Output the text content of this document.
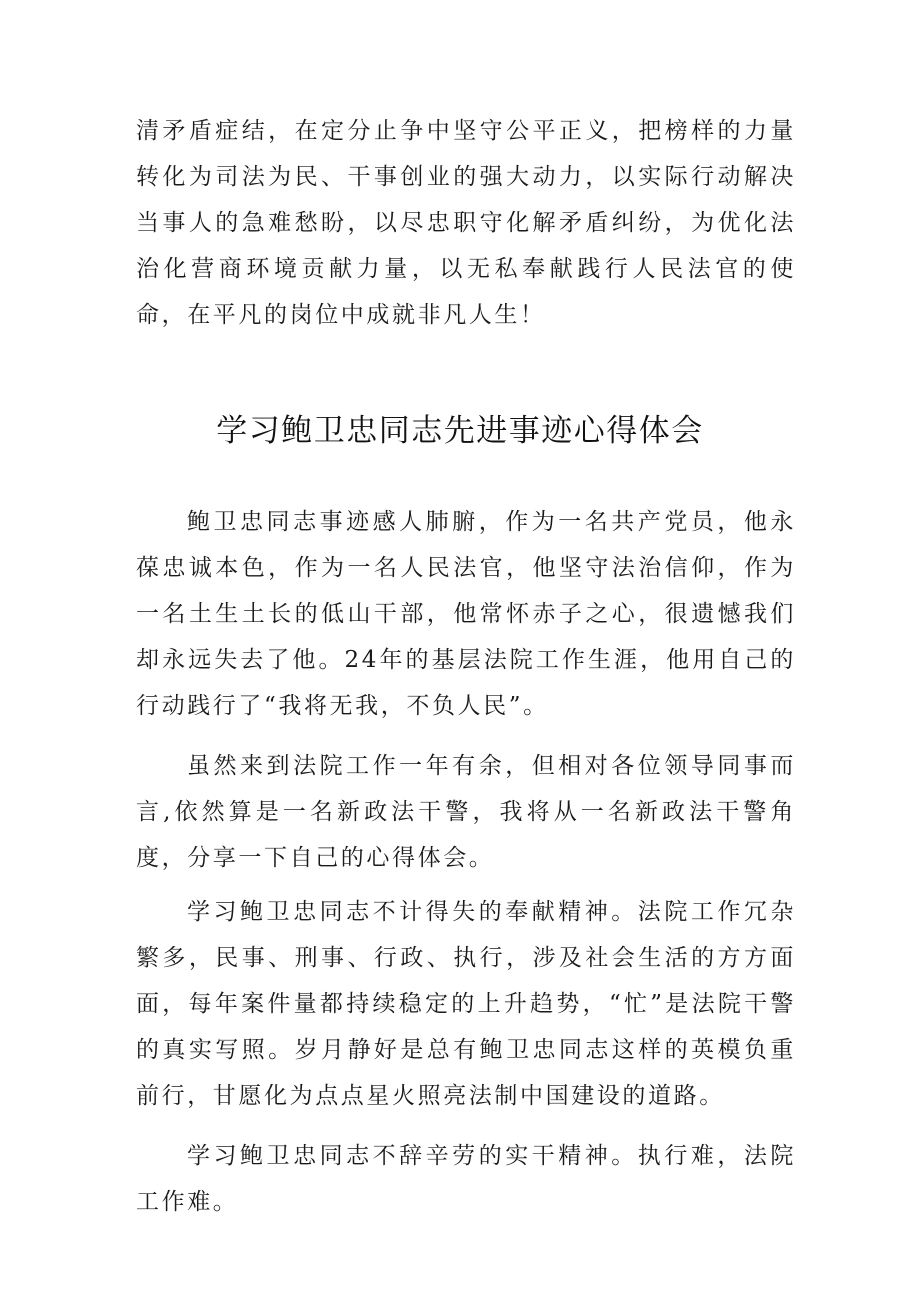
清矛盾症结，在定分止争中坚守公平正义，把榜样的力量转化为司法为民、干事创业的强大动力，以实际行动解决当事人的急难愁盼，以尽忠职守化解矛盾纠纷，为优化法治化营商环境贡献力量，以无私奉献践行人民法官的使命，在平凡的岗位中成就非凡人生！

学习鲍卫忠同志先进事迹心得体会

鲍卫忠同志事迹感人肺腑，作为一名共产党员，他永葆忠诚本色，作为一名人民法官，他坚守法治信仰，作为一名土生土长的低山干部，他常怀赤子之心，很遗憾我们却永远失去了他。24年的基层法院工作生涯，他用自己的行动践行了“我将无我，不负人民”。

虽然来到法院工作一年有余，但相对各位领导同事而言,依然算是一名新政法干警，我将从一名新政法干警角度，分享一下自己的心得体会。

学习鲍卫忠同志不计得失的奉献精神。法院工作冗杂繁多，民事、刑事、行政、执行，涉及社会生活的方方面面，每年案件量都持续稳定的上升趋势，“忙”是法院干警的真实写照。岁月静好是总有鲍卫忠同志这样的英模负重前行，甘愿化为点点星火照亮法制中国建设的道路。

学习鲍卫忠同志不辞辛劳的实干精神。执行难，法院工作难。
